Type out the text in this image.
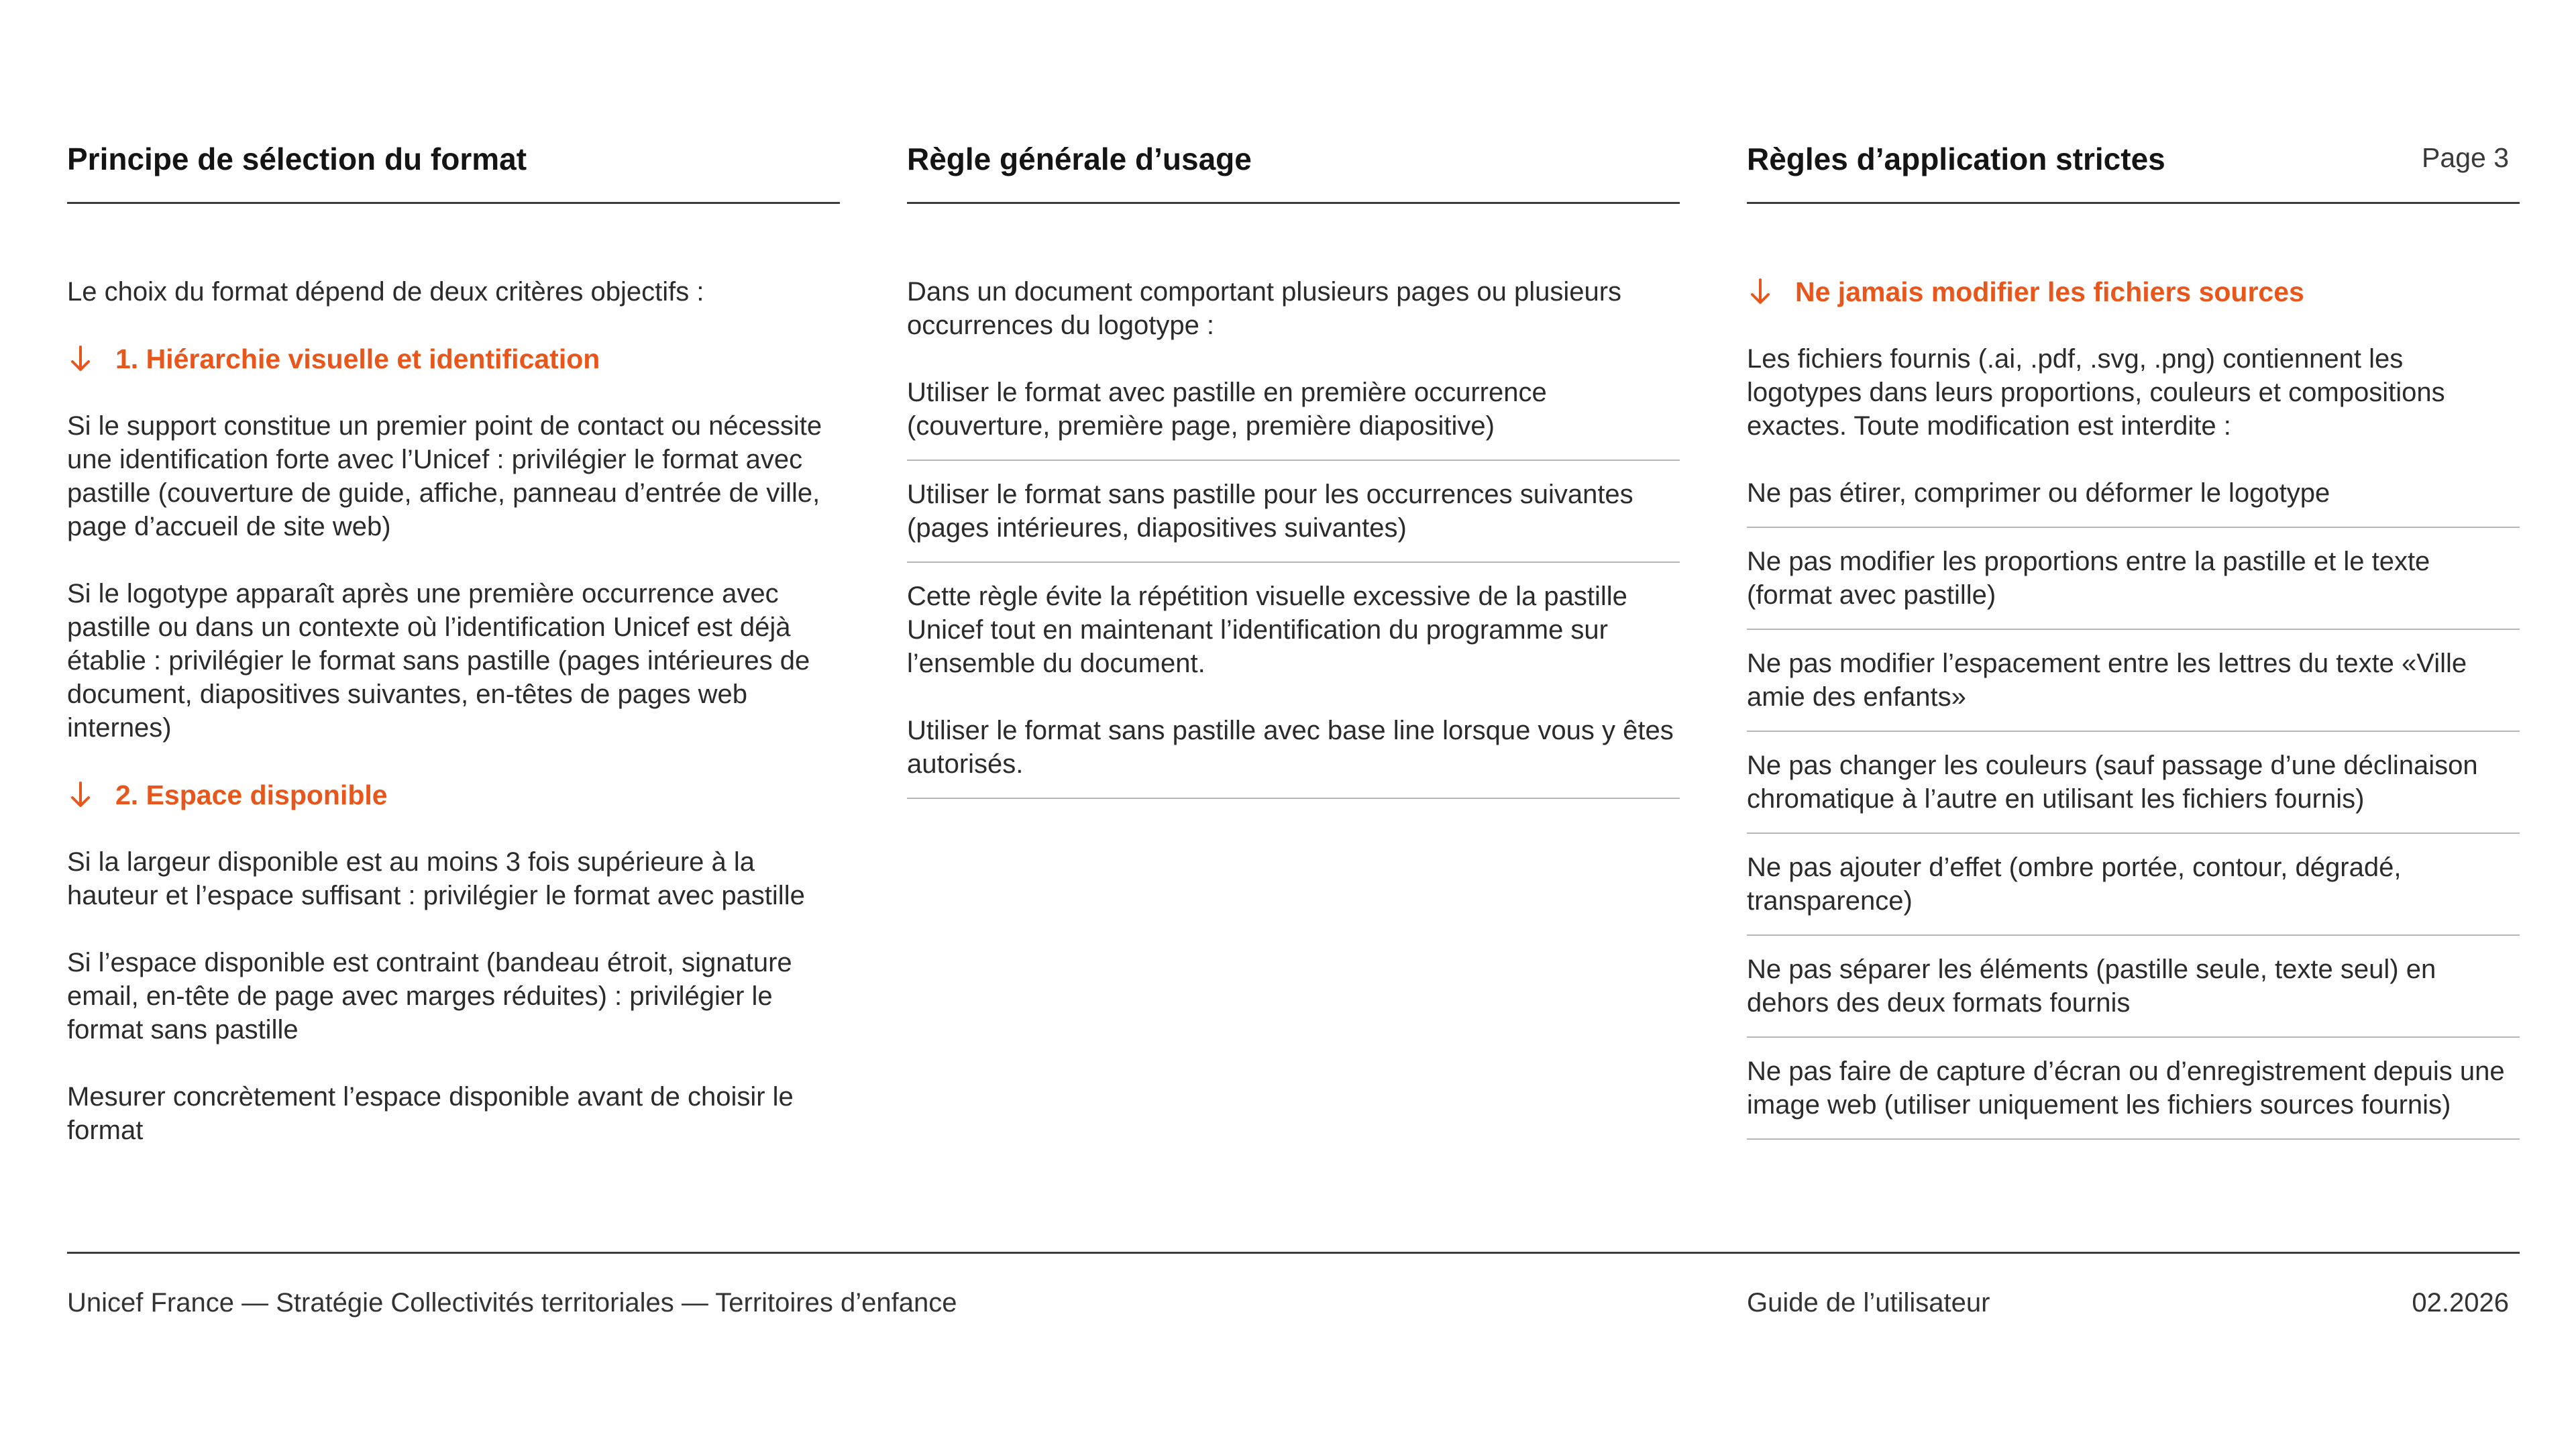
Principe de sélection du format

Le choix du format dépend de deux critères objectifs :

1. Hiérarchie visuelle et identification

Si le support constitue un premier point de contact ou nécessite une identification forte avec l’Unicef : privilégier le format avec pastille (couverture de guide, affiche, panneau d’entrée de ville, page d’accueil de site web)

Si le logotype apparaît après une première occurrence avec pastille ou dans un contexte où l’identification Unicef est déjà établie : privilégier le format sans pastille (pages intérieures de document, diapositives suivantes, en-têtes de pages web internes)

2. Espace disponible

Si la largeur disponible est au moins 3 fois supérieure à la hauteur et l’espace suffisant : privilégier le format avec pastille

Si l’espace disponible est contraint (bandeau étroit, signature email, en-tête de page avec marges réduites) : privilégier le format sans pastille

Mesurer concrètement l’espace disponible avant de choisir le format

Règle générale d’usage

Dans un document comportant plusieurs pages ou plusieurs occurrences du logotype :

Utiliser le format avec pastille en première occurrence (couverture, première page, première diapositive)
Utiliser le format sans pastille pour les occurrences suivantes (pages intérieures, diapositives suivantes)
Cette règle évite la répétition visuelle excessive de la pastille Unicef tout en maintenant l’identification du programme sur l’ensemble du document.
Utiliser le format sans pastille avec base line lorsque vous y êtes autorisés.
Règles d’application strictes
Ne jamais modifier les fichiers sources

Les fichiers fournis (.ai, .pdf, .svg, .png) contiennent les logotypes dans leurs proportions, couleurs et compositions exactes. Toute modification est interdite :

Ne pas étirer, comprimer ou déformer le logotype
Ne pas modifier les proportions entre la pastille et le texte (format avec pastille)
Ne pas modifier l’espacement entre les lettres du texte «Ville amie des enfants»
Ne pas changer les couleurs (sauf passage d’une déclinaison chromatique à l’autre en utilisant les fichiers fournis)
Ne pas ajouter d’effet (ombre portée, contour, dégradé, transparence)
Ne pas séparer les éléments (pastille seule, texte seul) en dehors des deux formats fournis
Ne pas faire de capture d’écran ou d’enregistrement depuis une image web (utiliser uniquement les fichiers sources fournis)
Page 3
Unicef France — Stratégie Collectivités territoriales — Territoires d’enfance	Guide de l’utilisateur	02.2026
